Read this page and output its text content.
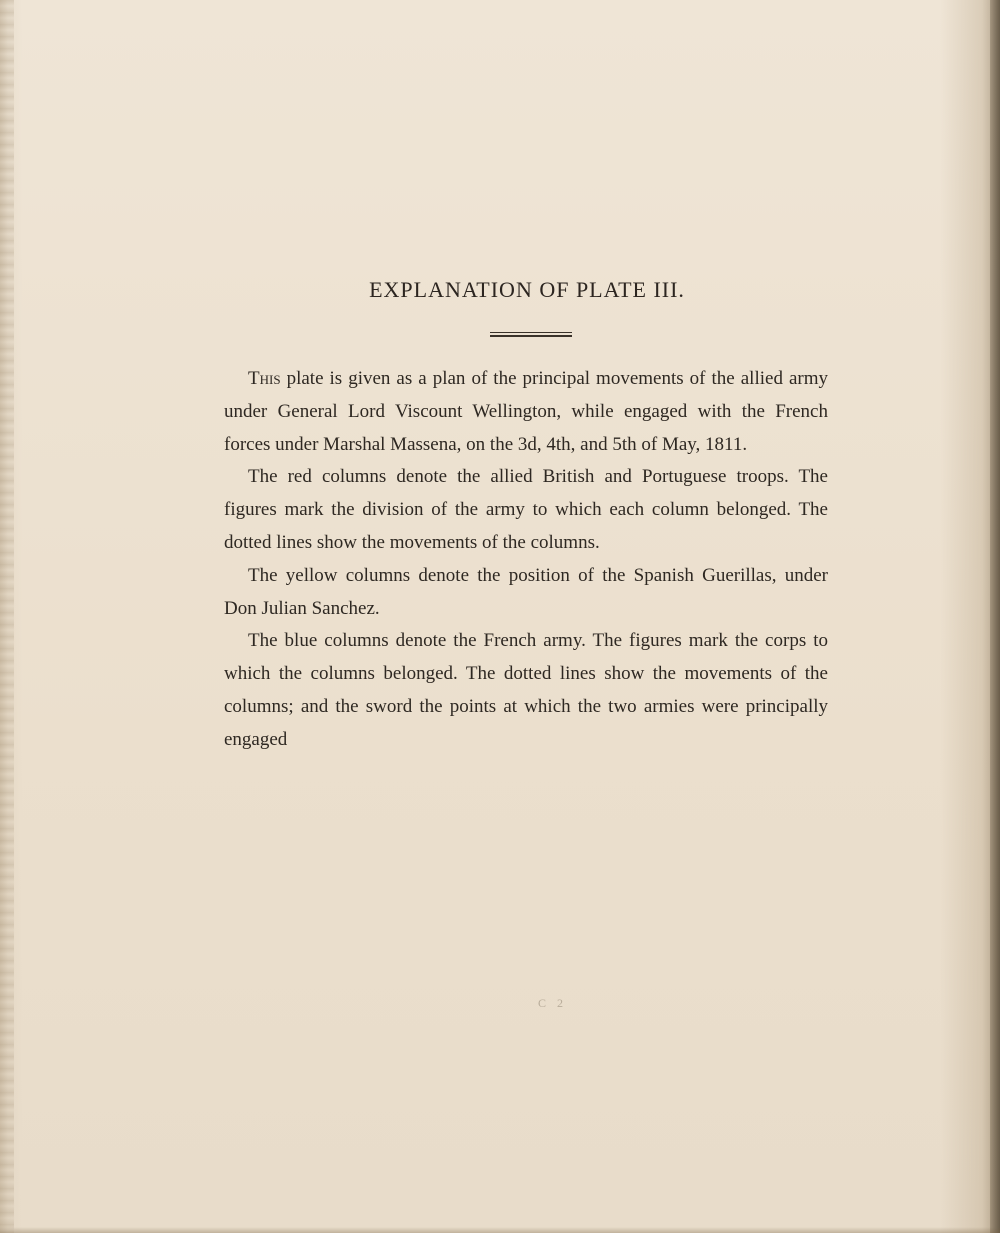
EXPLANATION OF PLATE III.

This plate is given as a plan of the principal movements of the allied army under General Lord Viscount Wellington, while engaged with the French forces under Marshal Massena, on the 3d, 4th, and 5th of May, 1811.

The red columns denote the allied British and Portuguese troops. The figures mark the division of the army to which each column belonged. The dotted lines show the movements of the columns.

The yellow columns denote the position of the Spanish Guerillas, under Don Julian Sanchez.

The blue columns denote the French army. The figures mark the corps to which the columns belonged. The dotted lines show the movements of the columns; and the sword the points at which the two armies were principally engaged

C 2
